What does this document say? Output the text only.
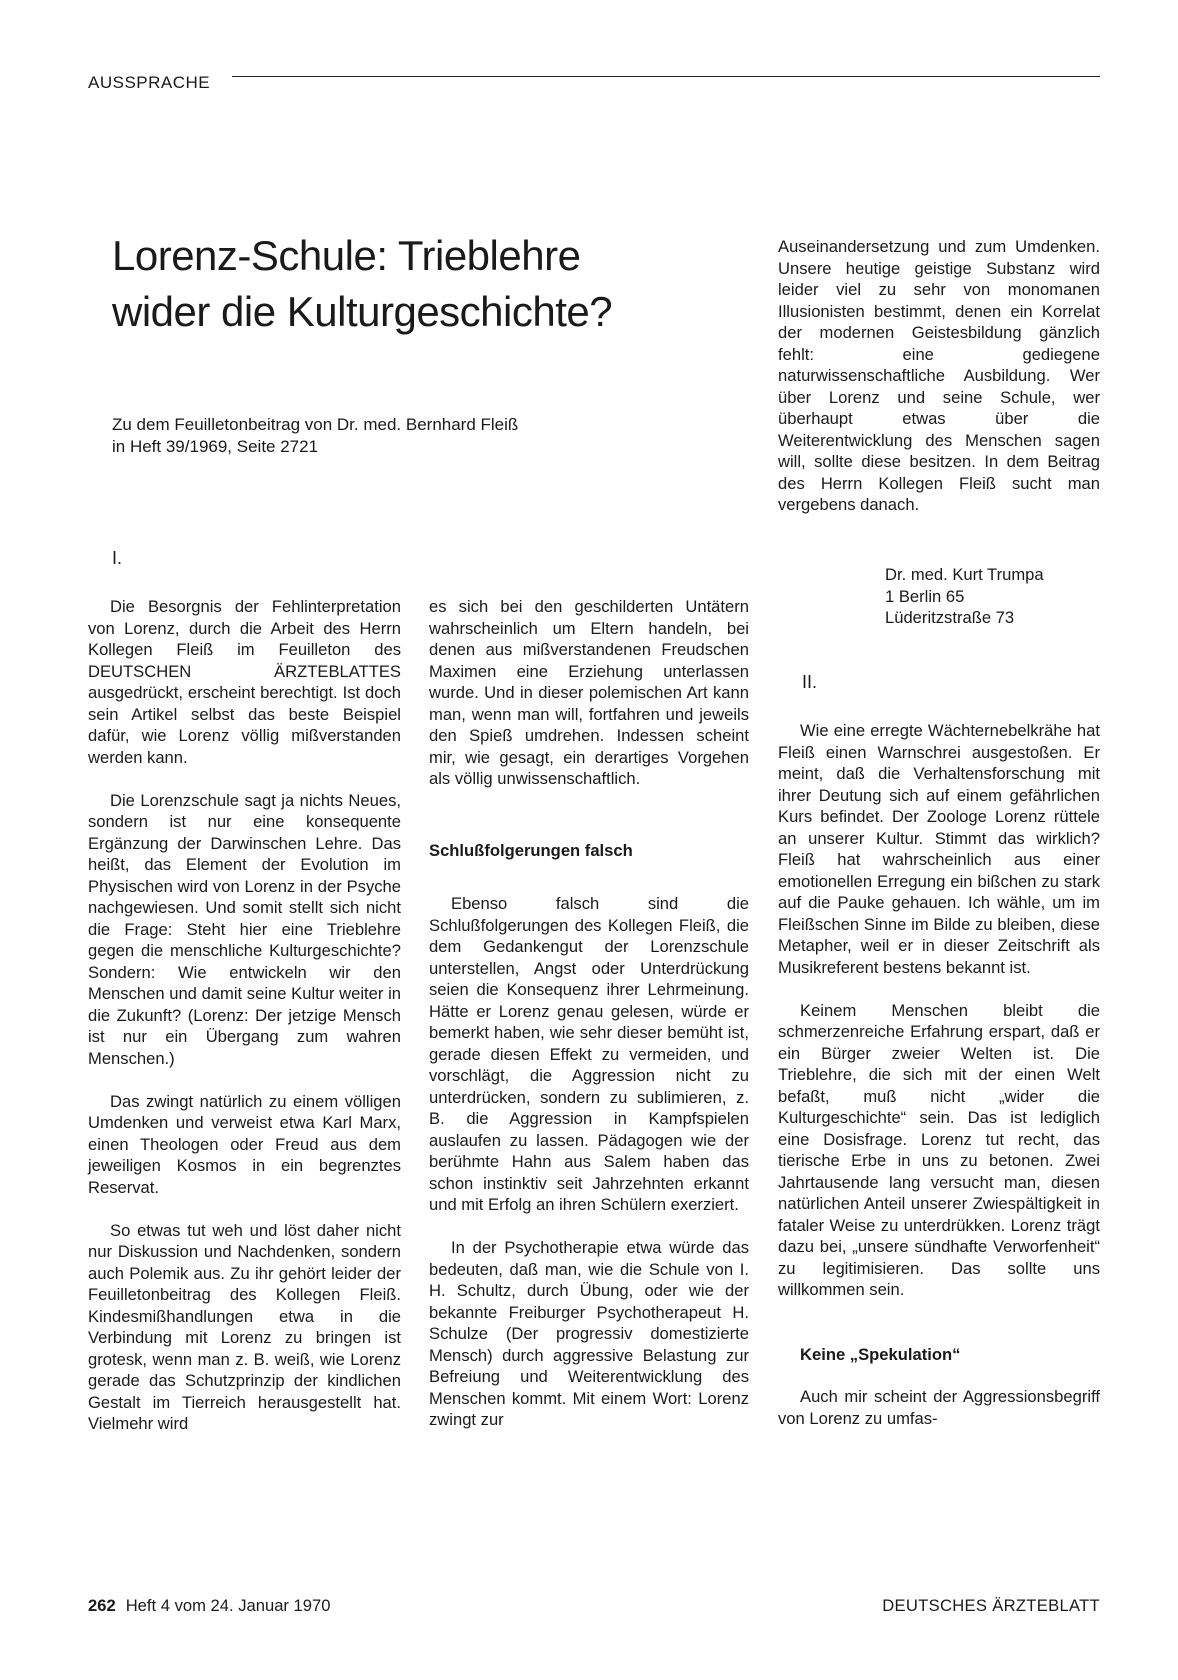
AUSSPRACHE
Lorenz-Schule: Trieblehre
wider die Kulturgeschichte?
Zu dem Feuilletonbeitrag von Dr. med. Bernhard Fleiß
in Heft 39/1969, Seite 2721
I.

Die Besorgnis der Fehlinterpretation von Lorenz, durch die Arbeit des Herrn Kollegen Fleiß im Feuilleton des DEUTSCHEN ÄRZTEBLATTES ausgedrückt, erscheint berechtigt. Ist doch sein Artikel selbst das beste Beispiel dafür, wie Lorenz völlig mißverstanden werden kann.

Die Lorenzschule sagt ja nichts Neues, sondern ist nur eine konsequente Ergänzung der Darwinschen Lehre. Das heißt, das Element der Evolution im Physischen wird von Lorenz in der Psyche nachgewiesen. Und somit stellt sich nicht die Frage: Steht hier eine Trieblehre gegen die menschliche Kulturgeschichte? Sondern: Wie entwickeln wir den Menschen und damit seine Kultur weiter in die Zukunft? (Lorenz: Der jetzige Mensch ist nur ein Übergang zum wahren Menschen.)

Das zwingt natürlich zu einem völligen Umdenken und verweist etwa Karl Marx, einen Theologen oder Freud aus dem jeweiligen Kosmos in ein begrenztes Reservat.

So etwas tut weh und löst daher nicht nur Diskussion und Nachdenken, sondern auch Polemik aus. Zu ihr gehört leider der Feuilletonbeitrag des Kollegen Fleiß. Kindesmißhandlungen etwa in die Verbindung mit Lorenz zu bringen ist grotesk, wenn man z. B. weiß, wie Lorenz gerade das Schutzprinzip der kindlichen Gestalt im Tierreich herausgestellt hat. Vielmehr wird

es sich bei den geschilderten Untätern wahrscheinlich um Eltern handeln, bei denen aus mißverstandenen Freudschen Maximen eine Erziehung unterlassen wurde. Und in dieser polemischen Art kann man, wenn man will, fortfahren und jeweils den Spieß umdrehen. Indessen scheint mir, wie gesagt, ein derartiges Vorgehen als völlig unwissenschaftlich.

Schlußfolgerungen falsch

Ebenso falsch sind die Schlußfolgerungen des Kollegen Fleiß, die dem Gedankengut der Lorenzschule unterstellen, Angst oder Unterdrückung seien die Konsequenz ihrer Lehrmeinung. Hätte er Lorenz genau gelesen, würde er bemerkt haben, wie sehr dieser bemüht ist, gerade diesen Effekt zu vermeiden, und vorschlägt, die Aggression nicht zu unterdrücken, sondern zu sublimieren, z. B. die Aggression in Kampfspielen auslaufen zu lassen. Pädagogen wie der berühmte Hahn aus Salem haben das schon instinktiv seit Jahrzehnten erkannt und mit Erfolg an ihren Schülern exerziert.

In der Psychotherapie etwa würde das bedeuten, daß man, wie die Schule von I. H. Schultz, durch Übung, oder wie der bekannte Freiburger Psychotherapeut H. Schulze (Der progressiv domestizierte Mensch) durch aggressive Belastung zur Befreiung und Weiterentwicklung des Menschen kommt. Mit einem Wort: Lorenz zwingt zur

Auseinandersetzung und zum Umdenken. Unsere heutige geistige Substanz wird leider viel zu sehr von monomanen Illusionisten bestimmt, denen ein Korrelat der modernen Geistesbildung gänzlich fehlt: eine gediegene naturwissenschaftliche Ausbildung. Wer über Lorenz und seine Schule, wer überhaupt etwas über die Weiterentwicklung des Menschen sagen will, sollte diese besitzen. In dem Beitrag des Herrn Kollegen Fleiß sucht man vergebens danach.

Dr. med. Kurt Trumpa
1 Berlin 65
Lüderitzstraße 73
II.

Wie eine erregte Wächternebelkrähe hat Fleiß einen Warnschrei ausgestoßen. Er meint, daß die Verhaltensforschung mit ihrer Deutung sich auf einem gefährlichen Kurs befindet. Der Zoologe Lorenz rüttele an unserer Kultur. Stimmt das wirklich? Fleiß hat wahrscheinlich aus einer emotionellen Erregung ein bißchen zu stark auf die Pauke gehauen. Ich wähle, um im Fleißschen Sinne im Bilde zu bleiben, diese Metapher, weil er in dieser Zeitschrift als Musikreferent bestens bekannt ist.

Keinem Menschen bleibt die schmerzenreiche Erfahrung erspart, daß er ein Bürger zweier Welten ist. Die Trieblehre, die sich mit der einen Welt befaßt, muß nicht „wider die Kulturgeschichte“ sein. Das ist lediglich eine Dosisfrage. Lorenz tut recht, das tierische Erbe in uns zu betonen. Zwei Jahrtausende lang versucht man, diesen natürlichen Anteil unserer Zwiespältigkeit in fataler Weise zu unterdrükken. Lorenz trägt dazu bei, „unsere sündhafte Verworfenheit“ zu legitimisieren. Das sollte uns willkommen sein.

Keine „Spekulation“

Auch mir scheint der Aggressionsbegriff von Lorenz zu umfas-

262 Heft 4 vom 24. Januar 1970	DEUTSCHES ÄRZTEBLATT
